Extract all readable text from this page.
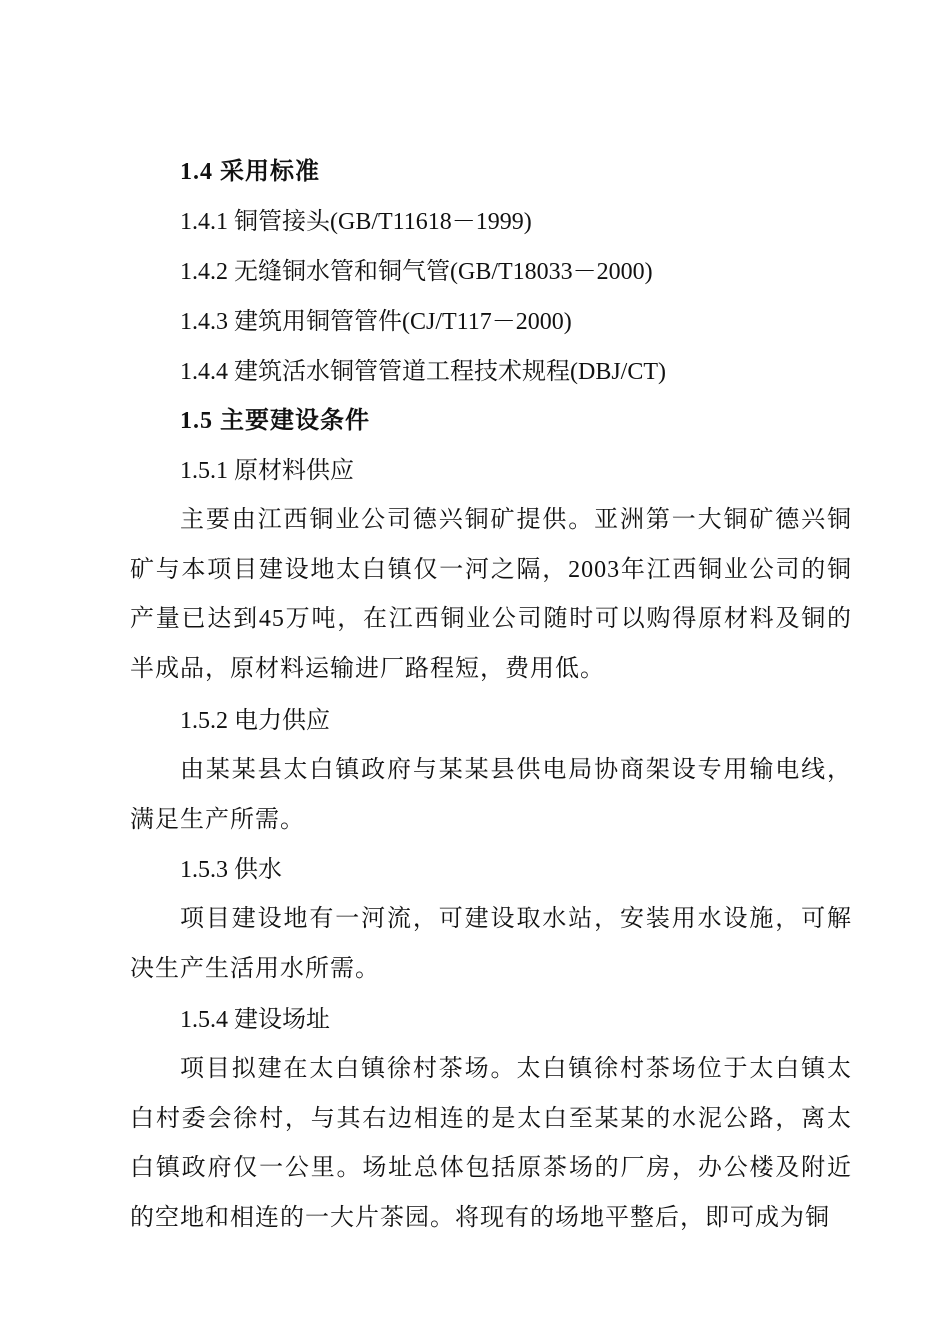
1.4 采用标准
1.4.1 铜管接头(GB/T11618－1999)
1.4.2 无缝铜水管和铜气管(GB/T18033－2000)
1.4.3 建筑用铜管管件(CJ/T117－2000)
1.4.4 建筑活水铜管管道工程技术规程(DBJ/CT)
1.5 主要建设条件
1.5.1 原材料供应

主要由江西铜业公司德兴铜矿提供。亚洲第一大铜矿德兴铜矿与本项目建设地太白镇仅一河之隔，2003年江西铜业公司的铜产量已达到45万吨，在江西铜业公司随时可以购得原材料及铜的半成品，原材料运输进厂路程短，费用低。

1.5.2 电力供应

由某某县太白镇政府与某某县供电局协商架设专用输电线，满足生产所需。

1.5.3 供水

项目建设地有一河流，可建设取水站，安装用水设施，可解决生产生活用水所需。

1.5.4 建设场址

项目拟建在太白镇徐村茶场。太白镇徐村茶场位于太白镇太白村委会徐村，与其右边相连的是太白至某某的水泥公路，离太白镇政府仅一公里。场址总体包括原茶场的厂房，办公楼及附近的空地和相连的一大片茶园。将现有的场地平整后，即可成为铜
